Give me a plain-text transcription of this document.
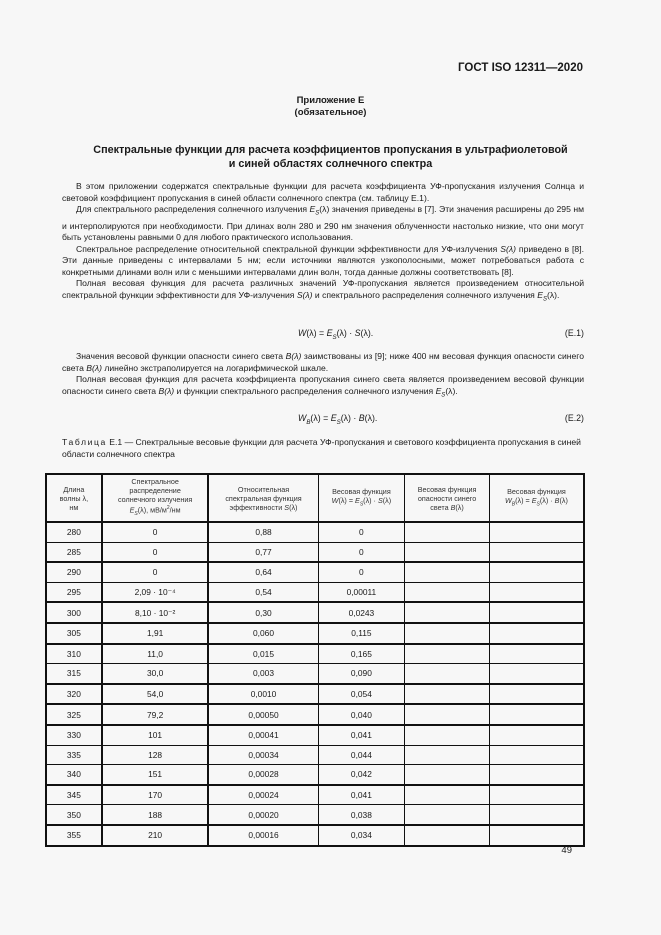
ГОСТ ISO 12311—2020
Приложение Е
(обязательное)
Спектральные функции для расчета коэффициентов пропускания в ультрафиолетовой
и синей областях солнечного спектра

В этом приложении содержатся спектральные функции для расчета коэффициента УФ-пропускания излучения Солнца и световой коэффициент пропускания в синей области солнечного спектра (см. таблицу Е.1).

Для спектрального распределения солнечного излучения $E_S(\lambda)$ значения приведены в [7]. Эти значения расширены до 295 нм и интерполируются при необходимости. При длинах волн 280 и 290 нм значения облученности настолько низкие, что они могут быть установлены равными 0 для любого практического использования.

Спектральное распределение относительной спектральной функции эффективности для УФ-излучения S(λ) приведено в [8]. Эти данные приведены с интервалами 5 нм; если источники являются узкополосными, может потребоваться работа с конкретными длинами волн или с меньшими интервалами длин волн, тогда данные должны соответствовать [8].

Полная весовая функция для расчета различных значений УФ-пропускания является произведением относительной спектральной функции эффективности для УФ-излучения S(λ) и спектрального распределения солнечного излучения $E_S(\lambda)$.

$W(\lambda) = E_S(\lambda) \cdot S(\lambda)$.	(Е.1)

Значения весовой функции опасности синего света B(λ) заимствованы из [9]; ниже 400 нм весовая функция опасности синего света B(λ) линейно экстраполируется на логарифмической шкале.

Полная весовая функция для расчета коэффициента пропускания синего света является произведением весовой функции опасности синего света B(λ) и функции спектрального распределения солнечного излучения $E_S(\lambda)$.

$W_B(\lambda) = E_S(\lambda) \cdot B(\lambda)$.	(Е.2)
Таблица Е.1 — Спектральные весовые функции для расчета УФ-пропускания и светового коэффициента пропускания в синей области солнечного спектра
Длина
волны λ,
нм	Спектральное
распределение
солнечного излучения
$E_S(\lambda)$, $мВ/м^2/нм$	Относительная
спектральная функция
эффективности S(λ)	Весовая функция
$W(\lambda) = E_S(\lambda) \cdot S(\lambda)$	Весовая функция
опасности синего
света B(λ)	Весовая функция
$W_B(\lambda) = E_S(\lambda) \cdot B(\lambda)$
280	0	0,88	0		
285	0	0,77	0		
290	0	0,64	0		
295	2,09 · 10⁻⁴	0,54	0,00011		
300	8,10 · 10⁻²	0,30	0,0243		
305	1,91	0,060	0,115		
310	11,0	0,015	0,165		
315	30,0	0,003	0,090		
320	54,0	0,0010	0,054		
325	79,2	0,00050	0,040		
330	101	0,00041	0,041		
335	128	0,00034	0,044		
340	151	0,00028	0,042		
345	170	0,00024	0,041		
350	188	0,00020	0,038		
355	210	0,00016	0,034		
49
